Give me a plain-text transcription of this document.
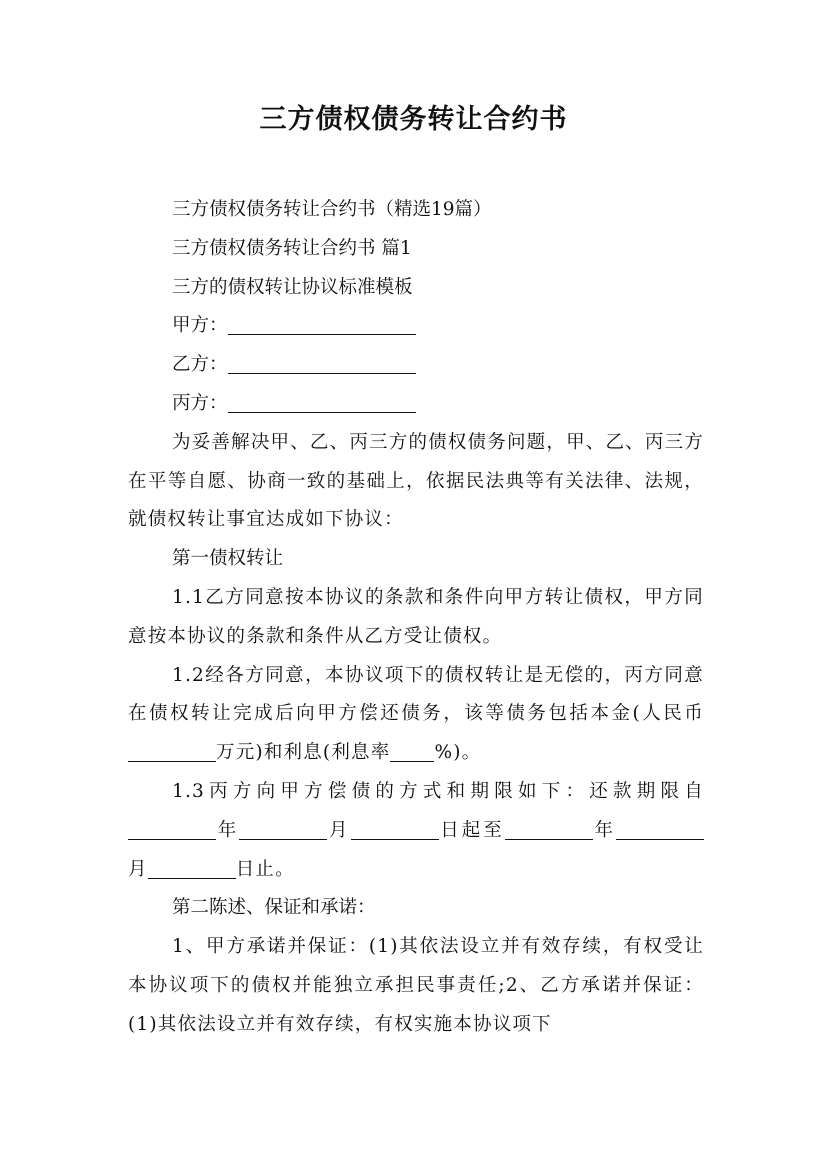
三方债权债务转让合约书
三方债权债务转让合约书（精选19篇）
三方债权债务转让合约书 篇1
三方的债权转让协议标准模板
甲方：
乙方：
丙方：
为妥善解决甲、乙、丙三方的债权债务问题，甲、乙、丙三方在平等自愿、协商一致的基础上，依据民法典等有关法律、法规，就债权转让事宜达成如下协议：
第一债权转让
1.1乙方同意按本协议的条款和条件向甲方转让债权，甲方同意按本协议的条款和条件从乙方受让债权。
1.2经各方同意，本协议项下的债权转让是无偿的，丙方同意在债权转让完成后向甲方偿还债务，该等债务包括本金(人民币万元)和利息(利息率 %)。
1.3丙方向甲方偿债的方式和期限如下：还款期限自年	月	日起至	年月	日止。
第二陈述、保证和承诺：
1、甲方承诺并保证：(1)其依法设立并有效存续，有权受让本协议项下的债权并能独立承担民事责任;2、乙方承诺并保证：(1)其依法设立并有效存续，有权实施本协议项下
